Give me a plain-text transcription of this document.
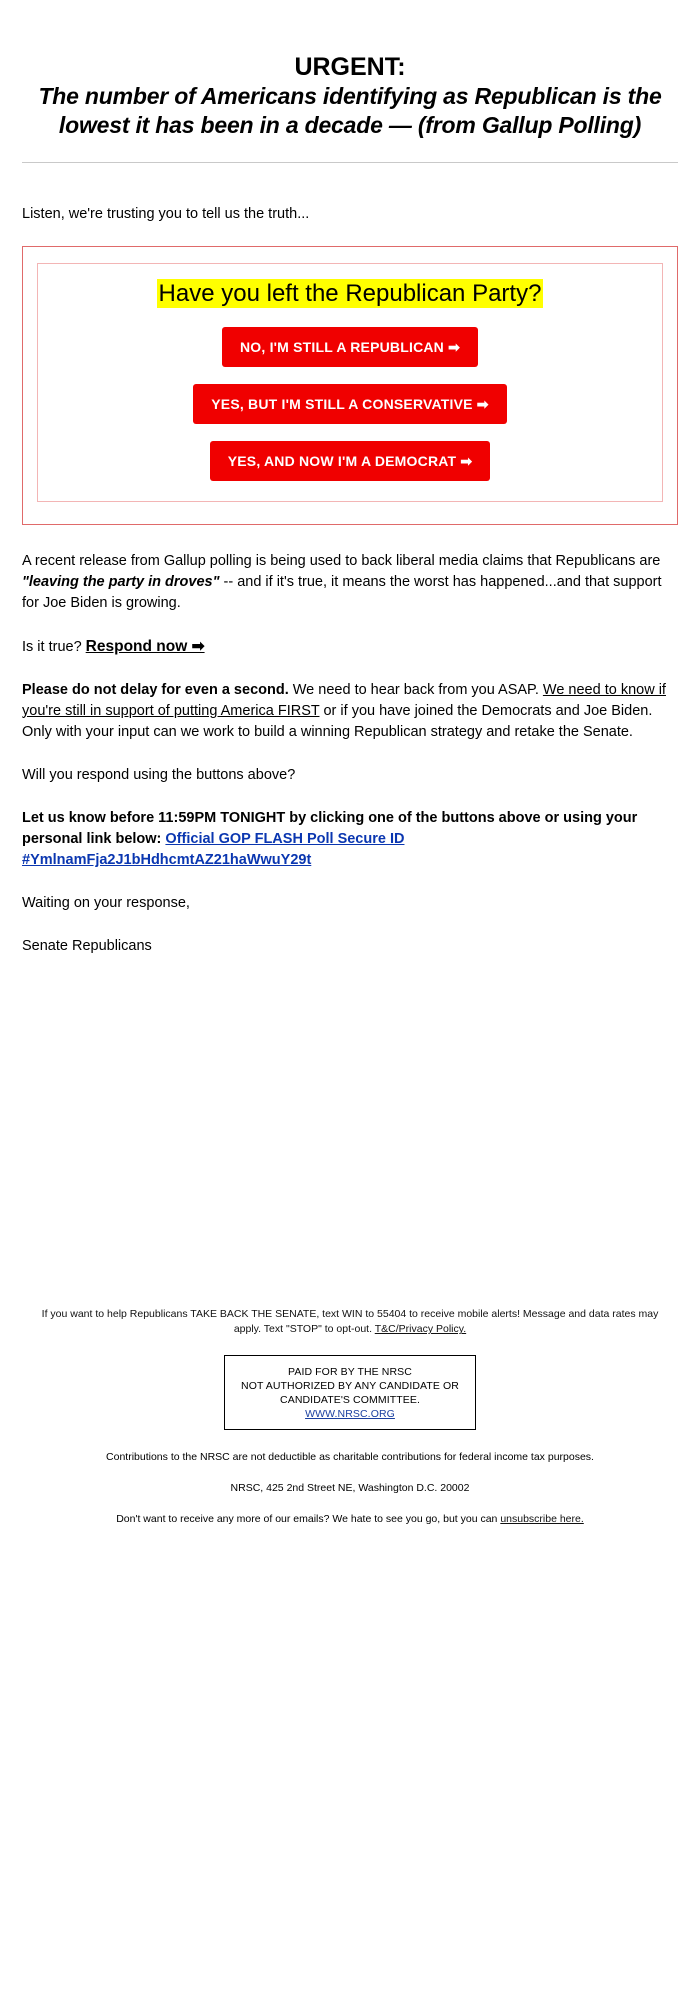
URGENT:
The number of Americans identifying as Republican is the lowest it has been in a decade — (from Gallup Polling)

Listen, we're trusting you to tell us the truth...

Have you left the Republican Party?
NO, I'M STILL A REPUBLICAN ➡
YES, BUT I'M STILL A CONSERVATIVE ➡
YES, AND NOW I'M A DEMOCRAT ➡

A recent release from Gallup polling is being used to back liberal media claims that Republicans are "leaving the party in droves" -- and if it's true, it means the worst has happened...and that support for Joe Biden is growing.

Is it true? Respond now ➡

Please do not delay for even a second. We need to hear back from you ASAP. We need to know if you're still in support of putting America FIRST or if you have joined the Democrats and Joe Biden. Only with your input can we work to build a winning Republican strategy and retake the Senate.

Will you respond using the buttons above?

Let us know before 11:59PM TONIGHT by clicking one of the buttons above or using your personal link below: Official GOP FLASH Poll Secure ID #YmlnamFja2J1bHdhcmtAZ21haWwuY29t

Waiting on your response,

Senate Republicans

If you want to help Republicans TAKE BACK THE SENATE, text WIN to 55404 to receive mobile alerts! Message and data rates may apply. Text "STOP" to opt-out. T&C/Privacy Policy.

PAID FOR BY THE NRSC
NOT AUTHORIZED BY ANY CANDIDATE OR
CANDIDATE'S COMMITTEE.
WWW.NRSC.ORG

Contributions to the NRSC are not deductible as charitable contributions for federal income tax purposes.

NRSC, 425 2nd Street NE, Washington D.C. 20002

Don't want to receive any more of our emails? We hate to see you go, but you can unsubscribe here.
